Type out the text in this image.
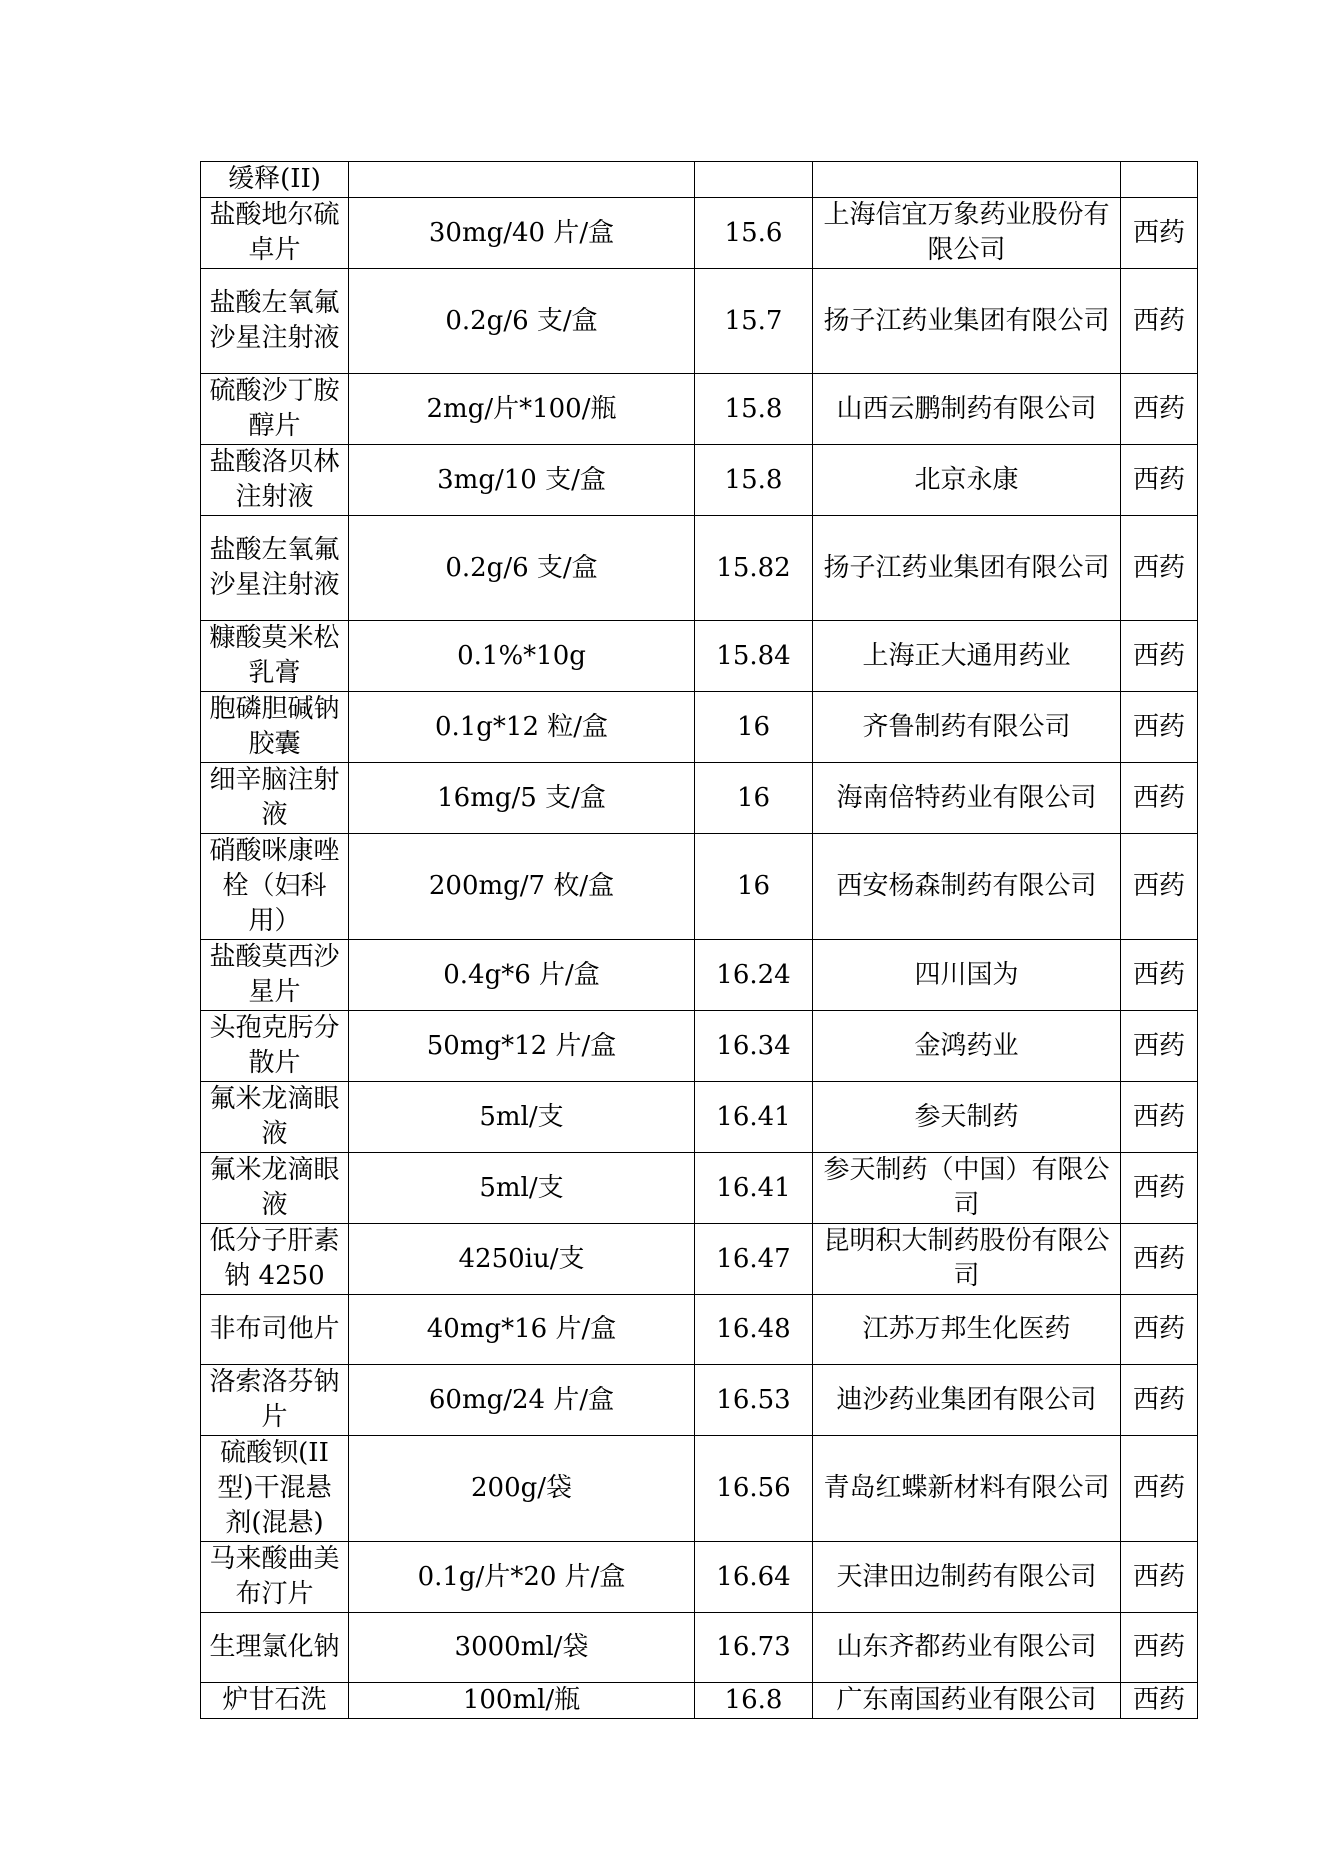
缓释(II)				
盐酸地尔硫卓片	30mg/40 片/盒	15.6	上海信宜万象药业股份有限公司	西药
盐酸左氧氟沙星注射液	0.2g/6 支/盒	15.7	扬子江药业集团有限公司	西药
硫酸沙丁胺醇片	2mg/片*100/瓶	15.8	山西云鹏制药有限公司	西药
盐酸洛贝林注射液	3mg/10 支/盒	15.8	北京永康	西药
盐酸左氧氟沙星注射液	0.2g/6 支/盒	15.82	扬子江药业集团有限公司	西药
糠酸莫米松乳膏	0.1%*10g	15.84	上海正大通用药业	西药
胞磷胆碱钠胶囊	0.1g*12 粒/盒	16	齐鲁制药有限公司	西药
细辛脑注射液	16mg/5 支/盒	16	海南倍特药业有限公司	西药
硝酸咪康唑栓（妇科用）	200mg/7 枚/盒	16	西安杨森制药有限公司	西药
盐酸莫西沙星片	0.4g*6 片/盒	16.24	四川国为	西药
头孢克肟分散片	50mg*12 片/盒	16.34	金鸿药业	西药
氟米龙滴眼液	5ml/支	16.41	参天制药	西药
氟米龙滴眼液	5ml/支	16.41	参天制药（中国）有限公司	西药
低分子肝素钠 4250	4250iu/支	16.47	昆明积大制药股份有限公司	西药
非布司他片	40mg*16 片/盒	16.48	江苏万邦生化医药	西药
洛索洛芬钠片	60mg/24 片/盒	16.53	迪沙药业集团有限公司	西药
硫酸钡(II型)干混悬剂(混悬)	200g/袋	16.56	青岛红蝶新材料有限公司	西药
马来酸曲美布汀片	0.1g/片*20 片/盒	16.64	天津田边制药有限公司	西药
生理氯化钠	3000ml/袋	16.73	山东齐都药业有限公司	西药
炉甘石洗	100ml/瓶	16.8	广东南国药业有限公司	西药
